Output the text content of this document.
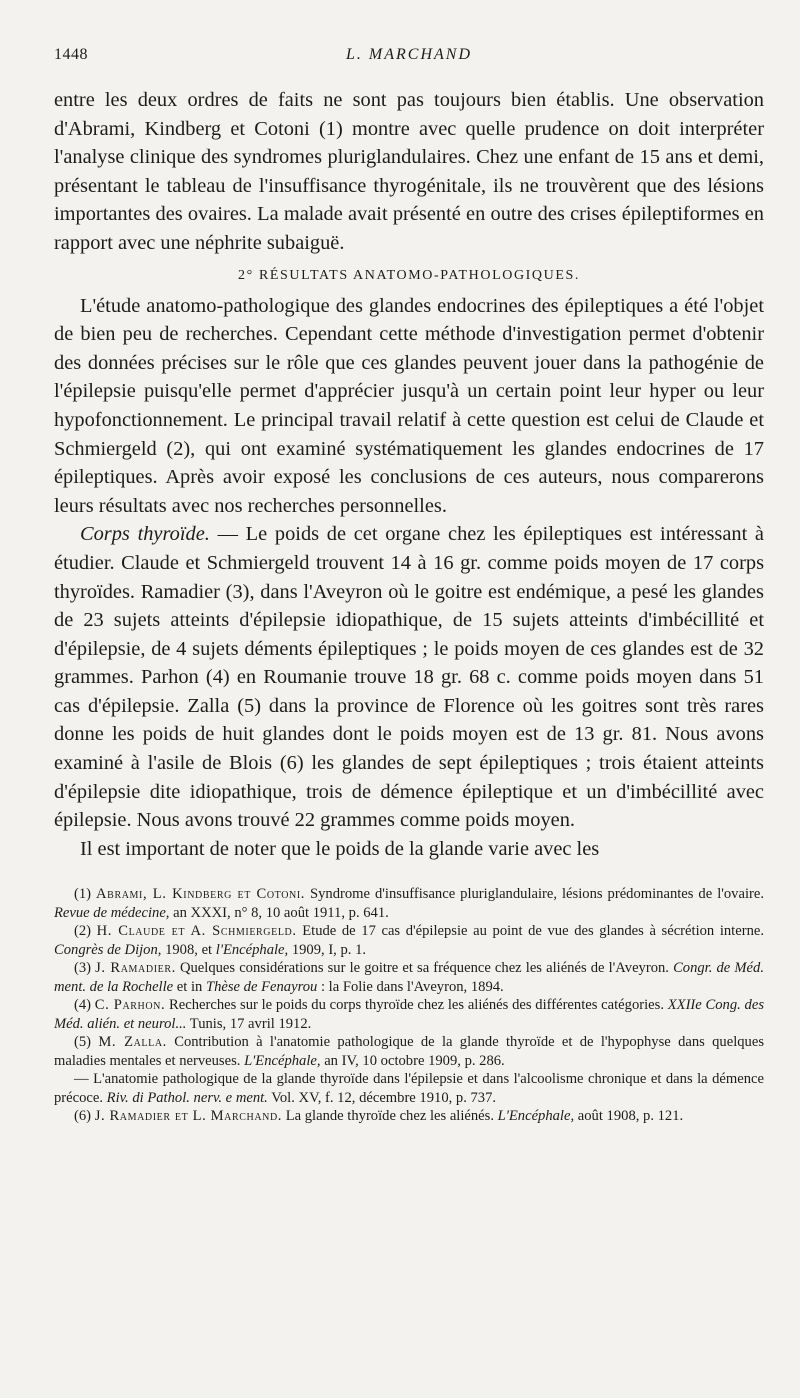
1448	L. MARCHAND

entre les deux ordres de faits ne sont pas toujours bien établis. Une observation d'Abrami, Kindberg et Cotoni (1) montre avec quelle prudence on doit interpréter l'analyse clinique des syndromes pluriglandulaires. Chez une enfant de 15 ans et demi, présentant le tableau de l'insuffisance thyrogénitale, ils ne trouvèrent que des lésions importantes des ovaires. La malade avait présenté en outre des crises épileptiformes en rapport avec une néphrite subaiguë.

2° RÉSULTATS ANATOMO-PATHOLOGIQUES.

L'étude anatomo-pathologique des glandes endocrines des épileptiques a été l'objet de bien peu de recherches. Cependant cette méthode d'investigation permet d'obtenir des données précises sur le rôle que ces glandes peuvent jouer dans la pathogénie de l'épilepsie puisqu'elle permet d'apprécier jusqu'à un certain point leur hyper ou leur hypofonctionnement. Le principal travail relatif à cette question est celui de Claude et Schmiergeld (2), qui ont examiné systématiquement les glandes endocrines de 17 épileptiques. Après avoir exposé les conclusions de ces auteurs, nous comparerons leurs résultats avec nos recherches personnelles.

Corps thyroïde. — Le poids de cet organe chez les épileptiques est intéressant à étudier. Claude et Schmiergeld trouvent 14 à 16 gr. comme poids moyen de 17 corps thyroïdes. Ramadier (3), dans l'Aveyron où le goitre est endémique, a pesé les glandes de 23 sujets atteints d'épilepsie idiopathique, de 15 sujets atteints d'imbécillité et d'épilepsie, de 4 sujets déments épileptiques ; le poids moyen de ces glandes est de 32 grammes. Parhon (4) en Roumanie trouve 18 gr. 68 c. comme poids moyen dans 51 cas d'épilepsie. Zalla (5) dans la province de Florence où les goitres sont très rares donne les poids de huit glandes dont le poids moyen est de 13 gr. 81. Nous avons examiné à l'asile de Blois (6) les glandes de sept épileptiques ; trois étaient atteints d'épilepsie dite idiopathique, trois de démence épileptique et un d'imbécillité avec épilepsie. Nous avons trouvé 22 grammes comme poids moyen.

Il est important de noter que le poids de la glande varie avec les

(1) Abrami, L. Kindberg et Cotoni. Syndrome d'insuffisance pluriglandulaire, lésions prédominantes de l'ovaire. Revue de médecine, an XXXI, n° 8, 10 août 1911, p. 641.

(2) H. Claude et A. Schmiergeld. Etude de 17 cas d'épilepsie au point de vue des glandes à sécrétion interne. Congrès de Dijon, 1908, et l'Encéphale, 1909, I, p. 1.

(3) J. Ramadier. Quelques considérations sur le goitre et sa fréquence chez les aliénés de l'Aveyron. Congr. de Méd. ment. de la Rochelle et in Thèse de Fenayrou : la Folie dans l'Aveyron, 1894.

(4) C. Parhon. Recherches sur le poids du corps thyroïde chez les aliénés des différentes catégories. XXIIe Cong. des Méd. alién. et neurol... Tunis, 17 avril 1912.

(5) M. Zalla. Contribution à l'anatomie pathologique de la glande thyroïde et de l'hypophyse dans quelques maladies mentales et nerveuses. L'Encéphale, an IV, 10 octobre 1909, p. 286.

— L'anatomie pathologique de la glande thyroïde dans l'épilepsie et dans l'alcoolisme chronique et dans la démence précoce. Riv. di Pathol. nerv. e ment. Vol. XV, f. 12, décembre 1910, p. 737.

(6) J. Ramadier et L. Marchand. La glande thyroïde chez les aliénés. L'Encéphale, août 1908, p. 121.
